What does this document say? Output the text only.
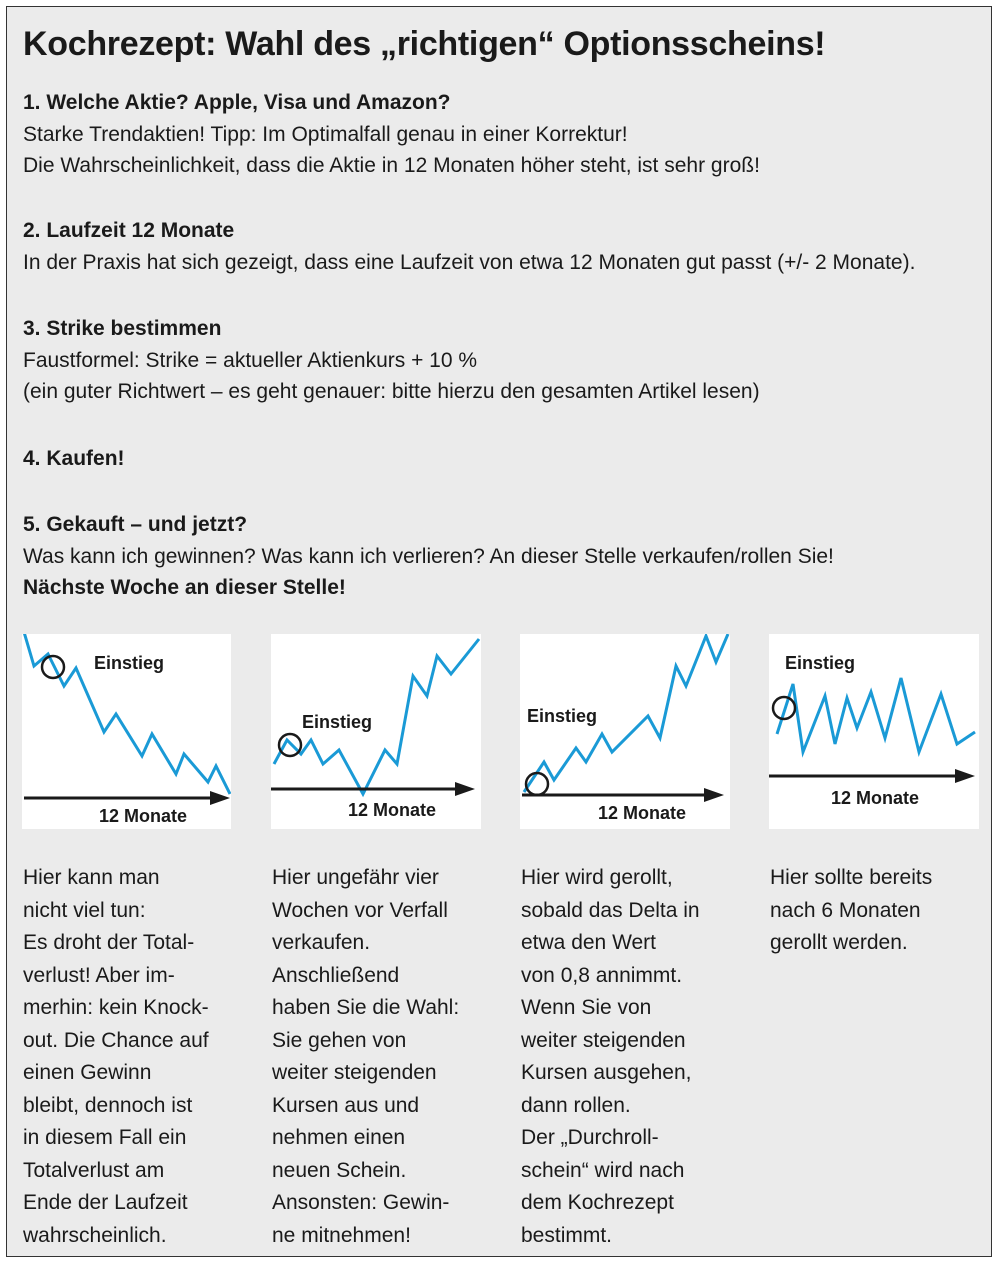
Kochrezept: Wahl des „richtigen“ Optionsscheins!
1. Welche Aktie? Apple, Visa und Amazon?
Starke Trendaktien! Tipp: Im Optimalfall genau in einer Korrektur!
Die Wahrscheinlichkeit, dass die Aktie in 12 Monaten höher steht, ist sehr groß!
2. Laufzeit 12 Monate
In der Praxis hat sich gezeigt, dass eine Laufzeit von etwa 12 Monaten gut passt (+/- 2 Monate).
3. Strike bestimmen
Faustformel: Strike = aktueller Aktienkurs + 10 %
(ein guter Richtwert – es geht genauer: bitte hierzu den gesamten Artikel lesen)
4. Kaufen!
5. Gekauft – und jetzt?
Was kann ich gewinnen? Was kann ich verlieren? An dieser Stelle verkaufen/rollen Sie!
Nächste Woche an dieser Stelle!
Einstieg
12 Monate
Einstieg
12 Monate
Einstieg
12 Monate
Einstieg
12 Monate
Hier kann man
nicht viel tun:
Es droht der Total-
verlust! Aber im-
merhin: kein Knock-
out. Die Chance auf
einen Gewinn
bleibt, dennoch ist
in diesem Fall ein
Totalverlust am
Ende der Laufzeit
wahrscheinlich.
Hier ungefähr vier
Wochen vor Verfall
verkaufen.
Anschließend
haben Sie die Wahl:
Sie gehen von
weiter steigenden
Kursen aus und
nehmen einen
neuen Schein.
Ansonsten: Gewin-
ne mitnehmen!
Hier wird gerollt,
sobald das Delta in
etwa den Wert
von 0,8 annimmt.
Wenn Sie von
weiter steigenden
Kursen ausgehen,
dann rollen.
Der „Durchroll-
schein“ wird nach
dem Kochrezept
bestimmt.
Hier sollte bereits
nach 6 Monaten
gerollt werden.
